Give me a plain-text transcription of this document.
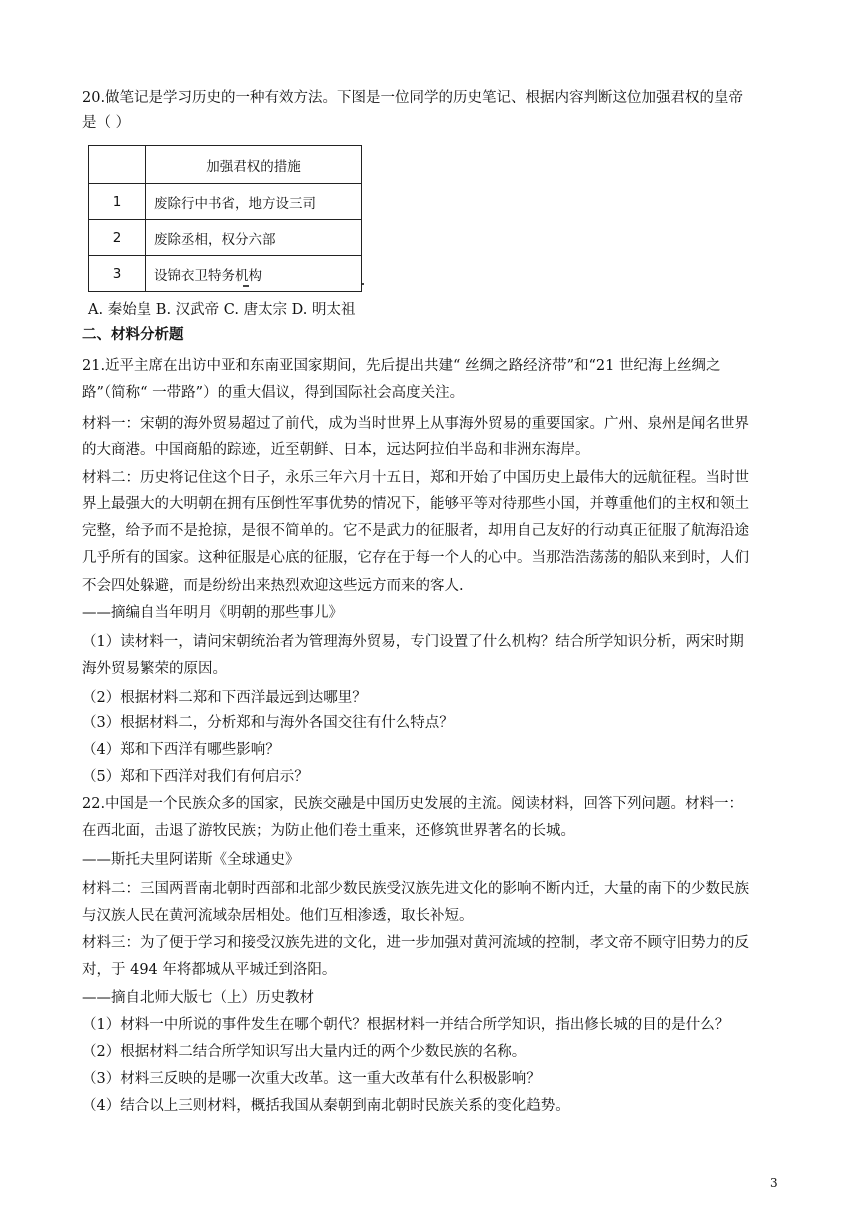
20.做笔记是学习历史的一种有效方法。下图是一位同学的历史笔记、根据内容判断这位加强君权的皇帝
是（ ）
	加强君权的措施
1	废除行中书省，地方设三司
2	废除丞相，权分六部
3	设锦衣卫特务机构
A. 秦始皇 B. 汉武帝 C. 唐太宗 D. 明太祖
二、材料分析题
21.近平主席在出访中亚和东南亚国家期间，先后提出共建“ 丝绸之路经济带”和“21 世纪海上丝绸之
路”（简称“ 一带路”）的重大倡议，得到国际社会高度关注。
材料一：宋朝的海外贸易超过了前代，成为当时世界上从事海外贸易的重要国家。广州、泉州是闻名世界
的大商港。中国商船的踪迹，近至朝鲜、日本，远达阿拉伯半岛和非洲东海岸。
材料二：历史将记住这个日子，永乐三年六月十五日，郑和开始了中国历史上最伟大的远航征程。当时世
界上最强大的大明朝在拥有压倒性军事优势的情况下，能够平等对待那些小国，并尊重他们的主权和领土
完整，给予而不是抢掠，是很不简单的。它不是武力的征服者，却用自己友好的行动真正征服了航海沿途
几乎所有的国家。这种征服是心底的征服，它存在于每一个人的心中。当那浩浩荡荡的船队来到时，人们
不会四处躲避，而是纷纷出来热烈欢迎这些远方而来的客人.
——摘编自当年明月《明朝的那些事儿》
（1）读材料一，请问宋朝统治者为管理海外贸易，专门设置了什么机构？结合所学知识分析，两宋时期
海外贸易繁荣的原因。
（2）根据材料二郑和下西洋最远到达哪里？
（3）根据材料二，分析郑和与海外各国交往有什么特点？
（4）郑和下西洋有哪些影响？
（5）郑和下西洋对我们有何启示？
22.中国是一个民族众多的国家，民族交融是中国历史发展的主流。阅读材料，回答下列问题。材料一：
在西北面，击退了游牧民族；为防止他们卷土重来，还修筑世界著名的长城。
——斯托夫里阿诺斯《全球通史》
材料二：三国两晋南北朝时西部和北部少数民族受汉族先进文化的影响不断内迁，大量的南下的少数民族
与汉族人民在黄河流域杂居相处。他们互相渗透，取长补短。
材料三：为了便于学习和接受汉族先进的文化，进一步加强对黄河流域的控制，孝文帝不顾守旧势力的反
对，于 494 年将都城从平城迁到洛阳。
——摘自北师大版七（上）历史教材
（1）材料一中所说的事件发生在哪个朝代？根据材料一并结合所学知识，指出修长城的目的是什么？
（2）根据材料二结合所学知识写出大量内迁的两个少数民族的名称。
（3）材料三反映的是哪一次重大改革。这一重大改革有什么积极影响？
（4）结合以上三则材料，概括我国从秦朝到南北朝时民族关系的变化趋势。
3
